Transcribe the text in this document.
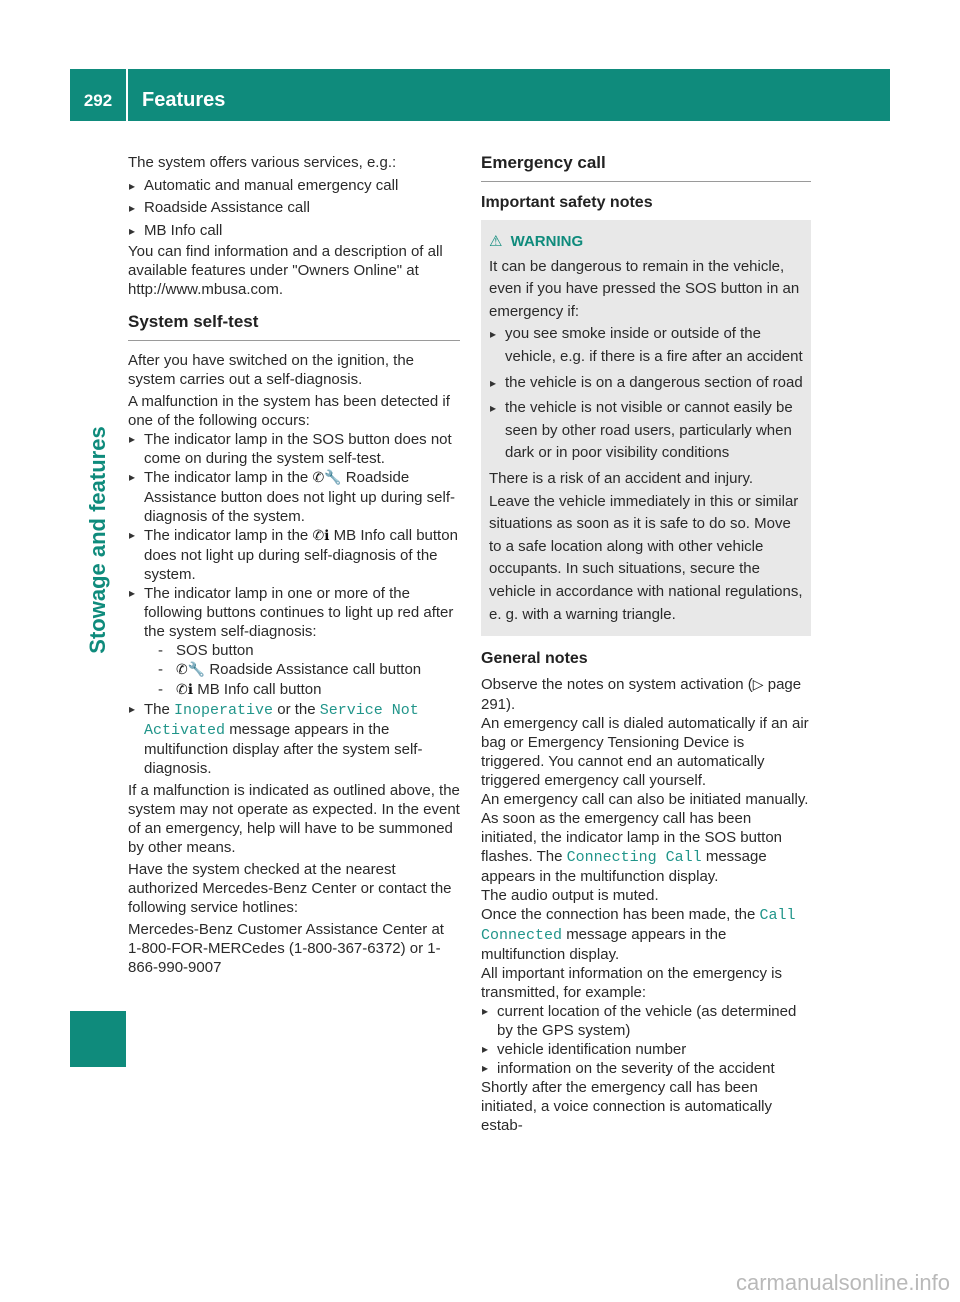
292	Features
Stowage and features

The system offers various services, e.g.:

▸ Automatic and manual emergency call
▸ Roadside Assistance call
▸ MB Info call

You can find information and a description of all available features under "Owners Online" at http://www.mbusa.com.

System self-test

After you have switched on the ignition, the system carries out a self-diagnosis.

A malfunction in the system has been detected if one of the following occurs:

▸ The indicator lamp in the SOS button does not come on during the system self-test.
▸ The indicator lamp in the ✆🔧 Roadside Assistance button does not light up during self-diagnosis of the system.
▸ The indicator lamp in the ✆ℹ MB Info call button does not light up during self-diagnosis of the system.
▸ The indicator lamp in one or more of the following buttons continues to light up red after the system self-diagnosis:
- SOS button
- ✆🔧 Roadside Assistance call button
- ✆ℹ MB Info call button
▸ The Inoperative or the Service Not Activated message appears in the multifunction display after the system self-diagnosis.

If a malfunction is indicated as outlined above, the system may not operate as expected. In the event of an emergency, help will have to be summoned by other means.

Have the system checked at the nearest authorized Mercedes-Benz Center or contact the following service hotlines:

Mercedes-Benz Customer Assistance Center at 1-800-FOR-MERCedes (1-800-367-6372) or 1-866-990-9007

Emergency call
Important safety notes
⚠ WARNING

It can be dangerous to remain in the vehicle, even if you have pressed the SOS button in an emergency if:

▸ you see smoke inside or outside of the vehicle, e.g. if there is a fire after an accident
▸ the vehicle is on a dangerous section of road
▸ the vehicle is not visible or cannot easily be seen by other road users, particularly when dark or in poor visibility conditions

There is a risk of an accident and injury.

Leave the vehicle immediately in this or similar situations as soon as it is safe to do so. Move to a safe location along with other vehicle occupants. In such situations, secure the vehicle in accordance with national regulations, e. g. with a warning triangle.

General notes

Observe the notes on system activation (▷ page 291).

An emergency call is dialed automatically if an air bag or Emergency Tensioning Device is triggered. You cannot end an automatically triggered emergency call yourself.

An emergency call can also be initiated manually.

As soon as the emergency call has been initiated, the indicator lamp in the SOS button flashes. The Connecting Call message appears in the multifunction display.

The audio output is muted.

Once the connection has been made, the Call Connected message appears in the multifunction display.

All important information on the emergency is transmitted, for example:

▸ current location of the vehicle (as determined by the GPS system)
▸ vehicle identification number
▸ information on the severity of the accident

Shortly after the emergency call has been initiated, a voice connection is automatically estab-

carmanualsonline.info
